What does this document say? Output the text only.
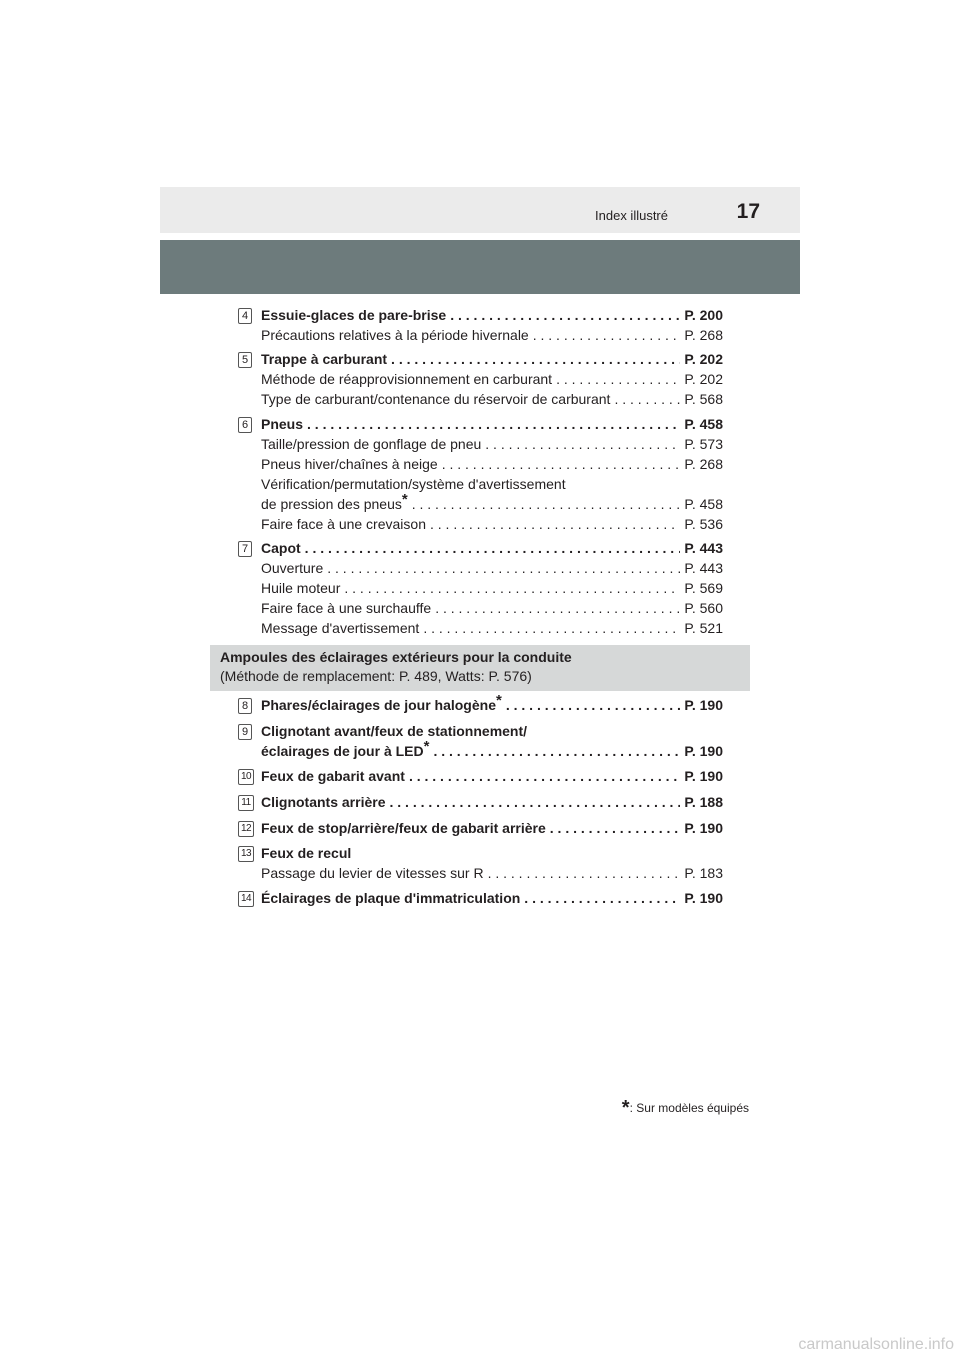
Index illustré	17
4 Essuie-glaces de pare-brise . . .	P. 200
Précautions relatives à la période hivernale . . .	P. 268
5 Trappe à carburant . . .	P. 202
Méthode de réapprovisionnement en carburant . . .	P. 202
Type de carburant/contenance du réservoir de carburant . . .	P. 568
6 Pneus . . .	P. 458
Taille/pression de gonflage de pneu . . .	P. 573
Pneus hiver/chaînes à neige . . .	P. 268
Vérification/permutation/système d'avertissement
de pression des pneus* . . .	P. 458
Faire face à une crevaison . . .	P. 536
7 Capot . . .	P. 443
Ouverture . . .	P. 443
Huile moteur . . .	P. 569
Faire face à une surchauffe . . .	P. 560
Message d'avertissement . . .	P. 521
Ampoules des éclairages extérieurs pour la conduite
(Méthode de remplacement: P. 489, Watts: P. 576)
8 Phares/éclairages de jour halogène* . . .	P. 190
9 Clignotant avant/feux de stationnement/
éclairages de jour à LED* . . .	P. 190
10 Feux de gabarit avant . . .	P. 190
11 Clignotants arrière . . .	P. 188
12 Feux de stop/arrière/feux de gabarit arrière . . .	P. 190
13 Feux de recul
Passage du levier de vitesses sur R . . .	P. 183
14 Éclairages de plaque d'immatriculation . . .	P. 190
*: Sur modèles équipés
carmanualsonline.info
